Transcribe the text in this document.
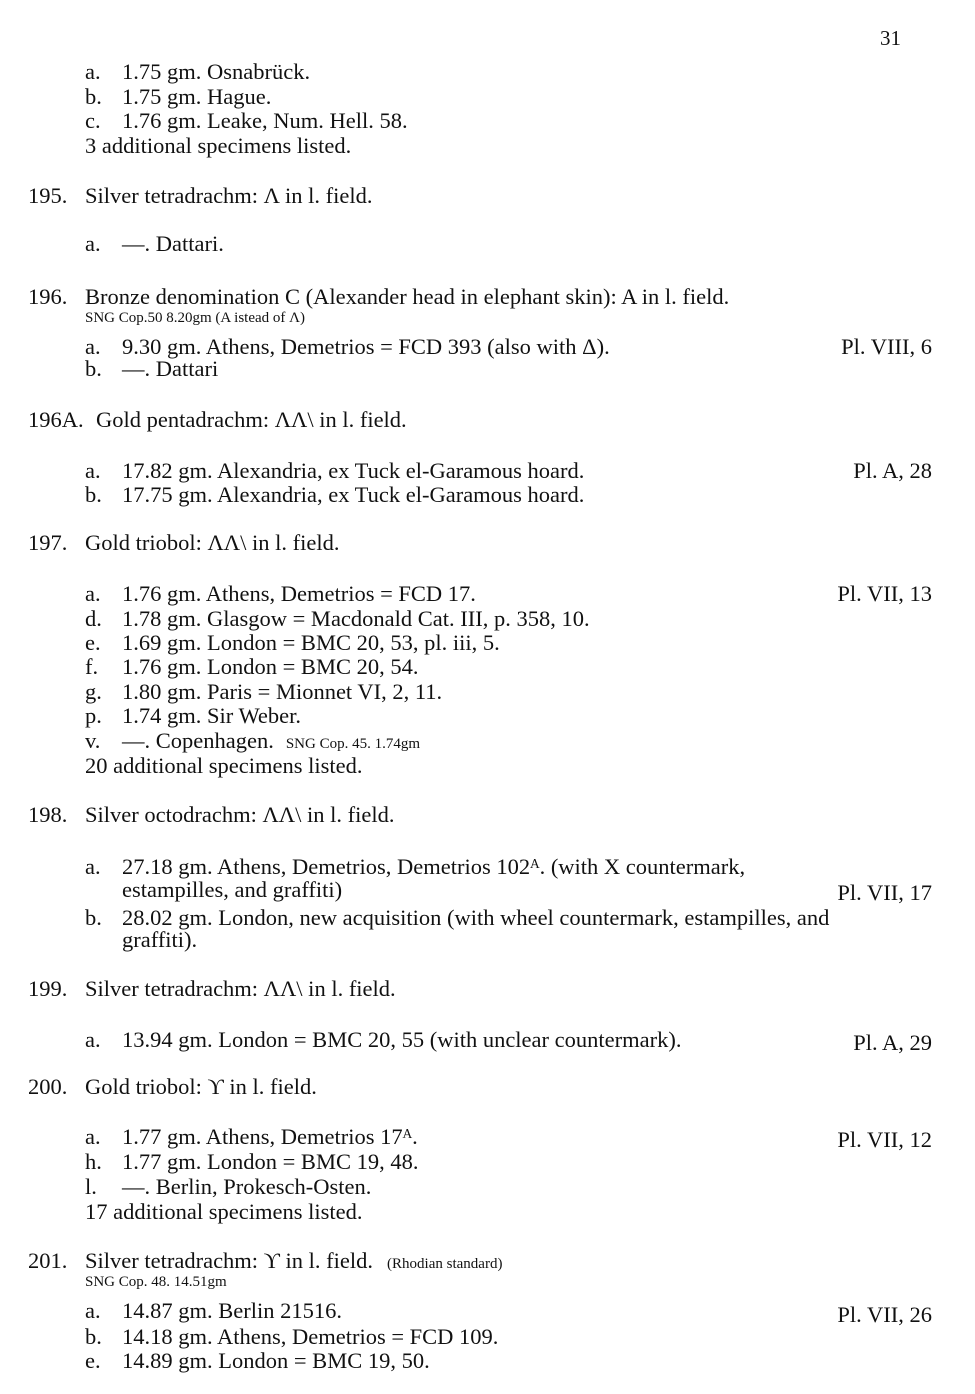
31
a. 1.75 gm. Osnabrück.
b. 1.75 gm. Hague.
c. 1.76 gm. Leake, Num. Hell. 58.
3 additional specimens listed.
195. Silver tetradrachm: Λ in l. field.
a. —. Dattari.
196. Bronze denomination C (Alexander head in elephant skin): A in l. field.
SNG Cop.50 8.20gm (A istead of Λ)
a. 9.30 gm. Athens, Demetrios = FCD 393 (also with Δ).	Pl. VIII, 6
b. —. Dattari
196A. Gold pentadrachm: ΛΛ\ in l. field.
a. 17.82 gm. Alexandria, ex Tuck el-Garamous hoard.	Pl. A, 28
b. 17.75 gm. Alexandria, ex Tuck el-Garamous hoard.
197. Gold triobol: ΛΛ\ in l. field.
a. 1.76 gm. Athens, Demetrios = FCD 17.	Pl. VII, 13
d. 1.78 gm. Glasgow = Macdonald Cat. III, p. 358, 10.
e. 1.69 gm. London = BMC 20, 53, pl. iii, 5.
f. 1.76 gm. London = BMC 20, 54.
g. 1.80 gm. Paris = Mionnet VI, 2, 11.
p. 1.74 gm. Sir Weber.
v. —. Copenhagen. SNG Cop. 45. 1.74gm
20 additional specimens listed.
198. Silver octodrachm: ΛΛ\ in l. field.
a. 27.18 gm. Athens, Demetrios, Demetrios 102ᴬ. (with X countermark,
estampilles, and graffiti)	Pl. VII, 17
b. 28.02 gm. London, new acquisition (with wheel countermark, estampilles, and
graffiti).
199. Silver tetradrachm: ΛΛ\ in l. field.
a. 13.94 gm. London = BMC 20, 55 (with unclear countermark).	Pl. A, 29
200. Gold triobol: ϒ in l. field.
a. 1.77 gm. Athens, Demetrios 17ᴬ.	Pl. VII, 12
h. 1.77 gm. London = BMC 19, 48.
l. —. Berlin, Prokesch-Osten.
17 additional specimens listed.
201. Silver tetradrachm: ϒ in l. field. (Rhodian standard)
SNG Cop. 48. 14.51gm
a. 14.87 gm. Berlin 21516.	Pl. VII, 26
b. 14.18 gm. Athens, Demetrios = FCD 109.
e. 14.89 gm. London = BMC 19, 50.
